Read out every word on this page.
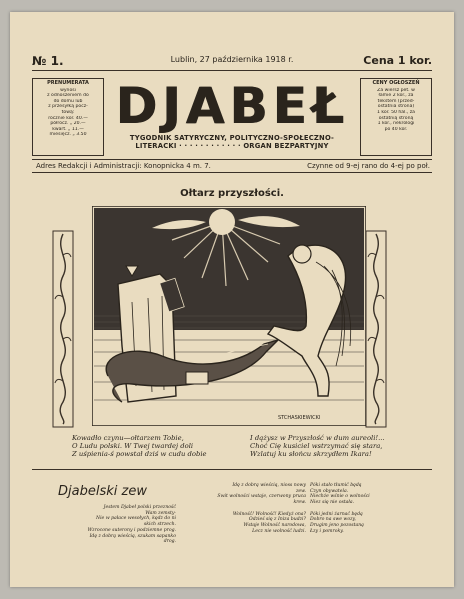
№ 1.	Lublin, 27 października 1918 r.	Cena 1 kor.
PRENUMERATA
wynosi
z odnoszeniem do
do domu lub
z przesyłką pocz-
tową:
rocznie kor. 40.—
półrocz. „ 20.—
kwart. „ 11.—
miesięcz. „ 3.50 DJABEŁ
TYGODNIK SATYRYCZNY, POLITYCZNO-SPOŁECZNO-
LITERACKI · · · · · · · · · · · · ORGAN BEZPARTYJNY
CENY OGŁOSZEŃ
Za wiersz pet. w
łamie 2 kor., za
tekstem (przed-
ostatnia strona)
1 kor. 50 hal., za
ostatnią stroną
1 kor., nekrologi
po 40 kor.
Adres Redakcji i Administracji: Konopnicka 4 m. 7.	Czynne od 9-ej rano do 4-ej po poł.
Ołtarz przyszłości.
STCHASKIEWICKI
Kowadło czynu—ołtarzem Tobie,
O Ludu polski. W Twej twardej doli
Z uśpienia-ś powstał dziś w cudu dobie
I dążysz w Przyszłość w dum aureoli!...
Choć Cię kusiciel wstrzymać się stara,
Wzlatuj ku słońcu skrzydłem Ikara!
Djabelski zew
Jestem Djabeł polski przezność
Wam zemsty-
Nie w pałace wesołych, kędz do ni
skich strzech.
Wzrocone suterony i podziemne prog.
Idę z dobrą wieścią, szukam sapanko
drog.
Idę z dobrą wieścią, nioss nowy
zew.
Swit wolności wstaje, czerwony pruca
krew.

Wolność! Wolność! Kiedyż ona?
Odzieś się z Iniza budzi?
Wstaje Wolność narodowa,
Lecz nie wolność ludzi.
Póki stało tłumić będą
Czyn obywatela.
Niechże wśnie o wolności
Niez się nie ostała.

Póki jedni żarnać będą
Dobro na swe wozy,
Drugim jeno pozostaną
Łzy i pomroky.
